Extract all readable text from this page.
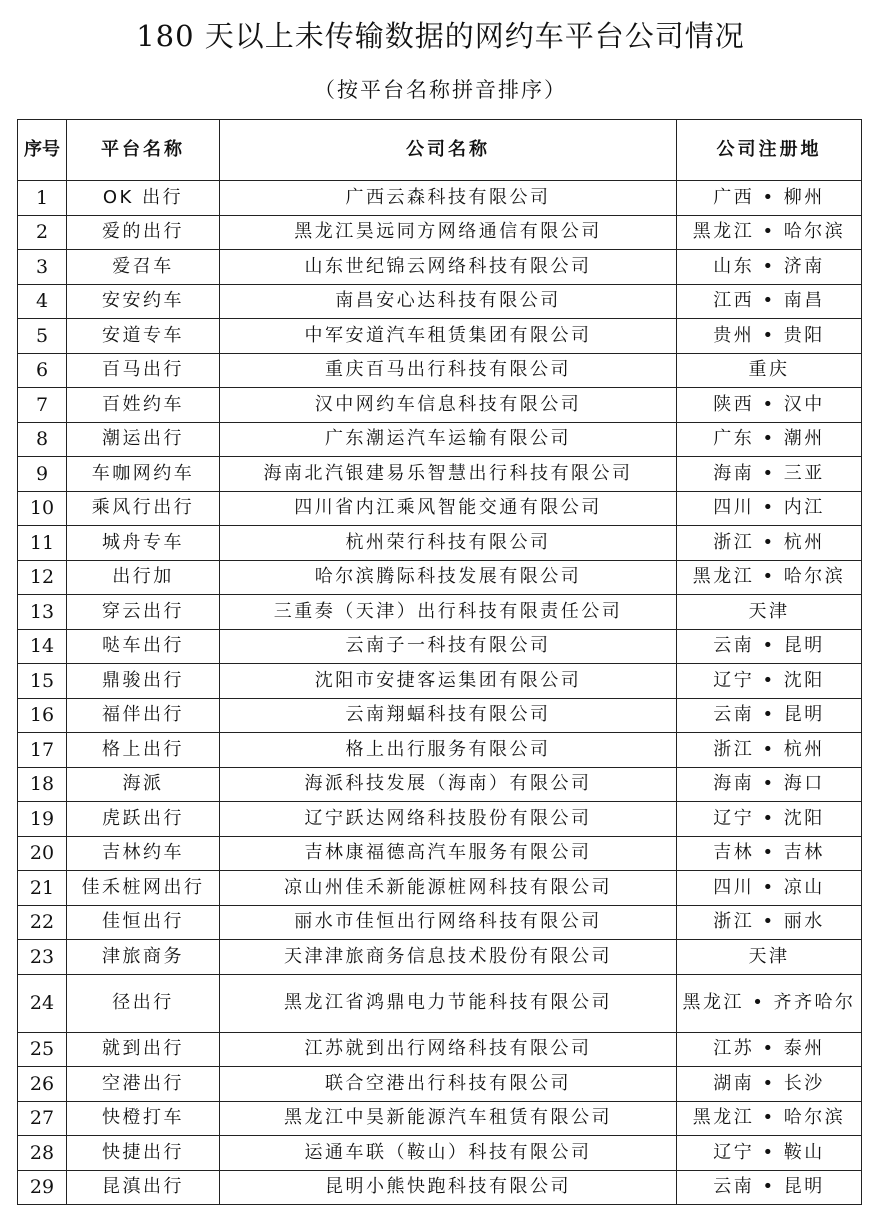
180 天以上未传输数据的网约车平台公司情况
（按平台名称拼音排序）
序号	平台名称	公司名称	公司注册地
1	OK 出行	广西云森科技有限公司	广西 • 柳州
2	爱的出行	黑龙江昊远同方网络通信有限公司	黑龙江 • 哈尔滨
3	爱召车	山东世纪锦云网络科技有限公司	山东 • 济南
4	安安约车	南昌安心达科技有限公司	江西 • 南昌
5	安道专车	中军安道汽车租赁集团有限公司	贵州 • 贵阳
6	百马出行	重庆百马出行科技有限公司	重庆
7	百姓约车	汉中网约车信息科技有限公司	陕西 • 汉中
8	潮运出行	广东潮运汽车运输有限公司	广东 • 潮州
9	车咖网约车	海南北汽银建易乐智慧出行科技有限公司	海南 • 三亚
10	乘风行出行	四川省内江乘风智能交通有限公司	四川 • 内江
11	城舟专车	杭州荣行科技有限公司	浙江 • 杭州
12	出行加	哈尔滨腾际科技发展有限公司	黑龙江 • 哈尔滨
13	穿云出行	三重奏（天津）出行科技有限责任公司	天津
14	哒车出行	云南子一科技有限公司	云南 • 昆明
15	鼎骏出行	沈阳市安捷客运集团有限公司	辽宁 • 沈阳
16	福伴出行	云南翔蝠科技有限公司	云南 • 昆明
17	格上出行	格上出行服务有限公司	浙江 • 杭州
18	海派	海派科技发展（海南）有限公司	海南 • 海口
19	虎跃出行	辽宁跃达网络科技股份有限公司	辽宁 • 沈阳
20	吉林约车	吉林康福德高汽车服务有限公司	吉林 • 吉林
21	佳禾桩网出行	凉山州佳禾新能源桩网科技有限公司	四川 • 凉山
22	佳恒出行	丽水市佳恒出行网络科技有限公司	浙江 • 丽水
23	津旅商务	天津津旅商务信息技术股份有限公司	天津
24	径出行	黑龙江省鸿鼎电力节能科技有限公司	黑龙江 • 齐齐哈尔
25	就到出行	江苏就到出行网络科技有限公司	江苏 • 泰州
26	空港出行	联合空港出行科技有限公司	湖南 • 长沙
27	快橙打车	黑龙江中昊新能源汽车租赁有限公司	黑龙江 • 哈尔滨
28	快捷出行	运通车联（鞍山）科技有限公司	辽宁 • 鞍山
29	昆滇出行	昆明小熊快跑科技有限公司	云南 • 昆明
